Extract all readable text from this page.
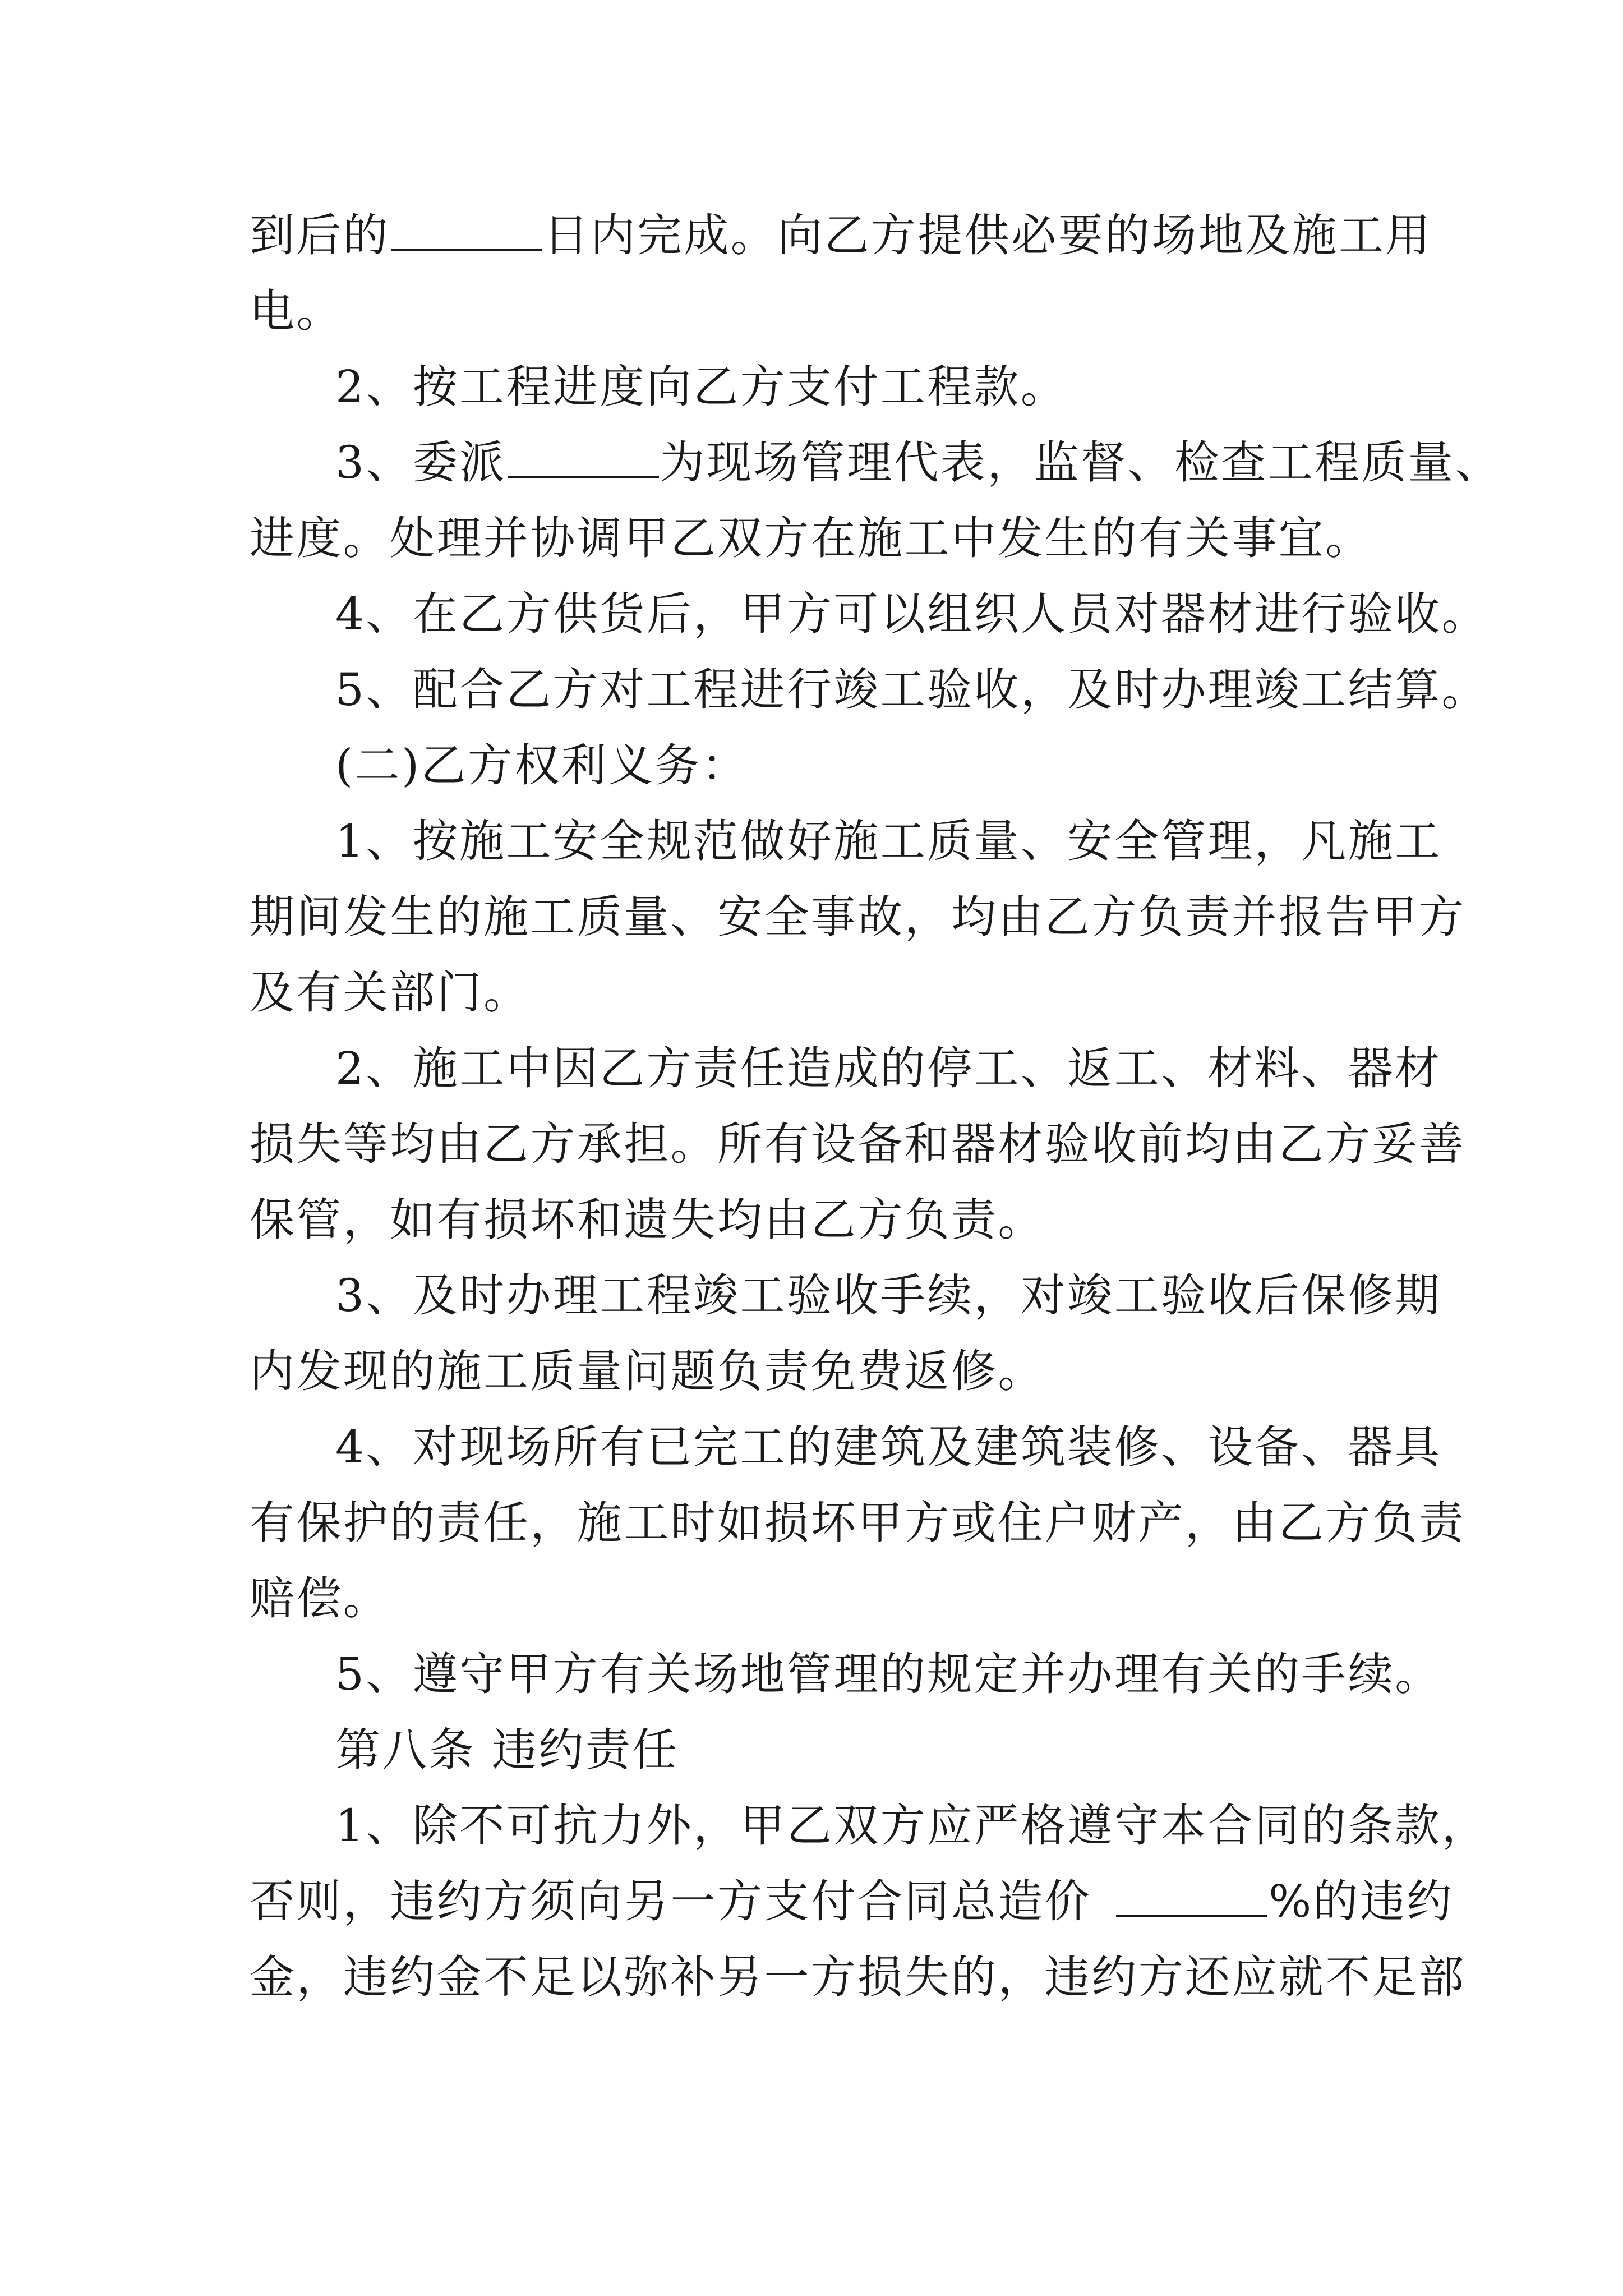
到后的	日内完成。向乙方提供必要的场地及施工用
电。
2、按工程进度向乙方支付工程款。
3、委派	为现场管理代表，监督、检查工程质量、
进度。处理并协调甲乙双方在施工中发生的有关事宜。
4、在乙方供货后，甲方可以组织人员对器材进行验收。
5、配合乙方对工程进行竣工验收，及时办理竣工结算。
(二)乙方权利义务：
1、按施工安全规范做好施工质量、安全管理，凡施工
期间发生的施工质量、安全事故，均由乙方负责并报告甲方
及有关部门。
2、施工中因乙方责任造成的停工、返工、材料、器材
损失等均由乙方承担。所有设备和器材验收前均由乙方妥善
保管，如有损坏和遗失均由乙方负责。
3、及时办理工程竣工验收手续，对竣工验收后保修期
内发现的施工质量问题负责免费返修。
4、对现场所有已完工的建筑及建筑装修、设备、器具
有保护的责任，施工时如损坏甲方或住户财产，由乙方负责
赔偿。
5、遵守甲方有关场地管理的规定并办理有关的手续。
第八条 违约责任
1、除不可抗力外，甲乙双方应严格遵守本合同的条款，
否则，违约方须向另一方支付合同总造价	%的违约
金，违约金不足以弥补另一方损失的，违约方还应就不足部
